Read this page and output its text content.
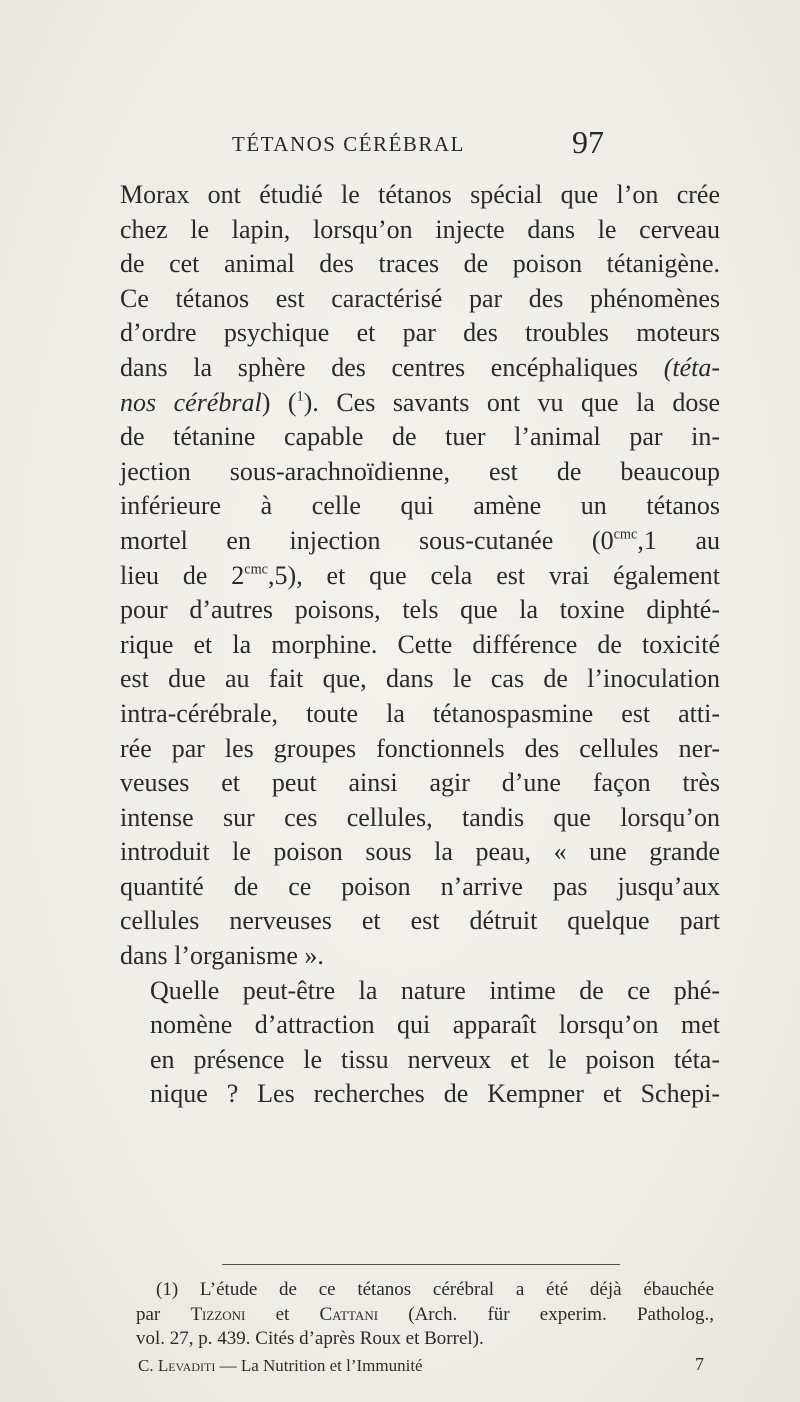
TÉTANOS CÉRÉBRAL	97

Morax ont étudié le tétanos spécial que l’on crée
chez le lapin, lorsqu’on injecte dans le cerveau
de cet animal des traces de poison tétanigène.
Ce tétanos est caractérisé par des phénomènes
d’ordre psychique et par des troubles moteurs
dans la sphère des centres encéphaliques (téta-
nos cérébral) ($^1$). Ces savants ont vu que la dose
de tétanine capable de tuer l’animal par in-
jection sous-arachnoïdienne, est de beaucoup
inférieure à celle qui amène un tétanos
mortel en injection sous-cutanée ($0^{cmc},1$ au
lieu de $2^{cmc},5$), et que cela est vrai également
pour d’autres poisons, tels que la toxine diphté-
rique et la morphine. Cette différence de toxicité
est due au fait que, dans le cas de l’inoculation
intra-cérébrale, toute la tétanospasmine est atti-
rée par les groupes fonctionnels des cellules ner-
veuses et peut ainsi agir d’une façon très
intense sur ces cellules, tandis que lorsqu’on
introduit le poison sous la peau, « une grande
quantité de ce poison n’arrive pas jusqu’aux
cellules nerveuses et est détruit quelque part
dans l’organisme ».

Quelle peut-être la nature intime de ce phé-
nomène d’attraction qui apparaît lorsqu’on met
en présence le tissu nerveux et le poison téta-
nique ? Les recherches de Kempner et Schepi-

(1) L’étude de ce tétanos cérébral a été déjà ébauchée
par Tizzoni et Cattani (Arch. für experim. Patholog.,
vol. 27, p. 439. Cités d’après Roux et Borrel).
C. Levaditi — La Nutrition et l’Immunité	7
